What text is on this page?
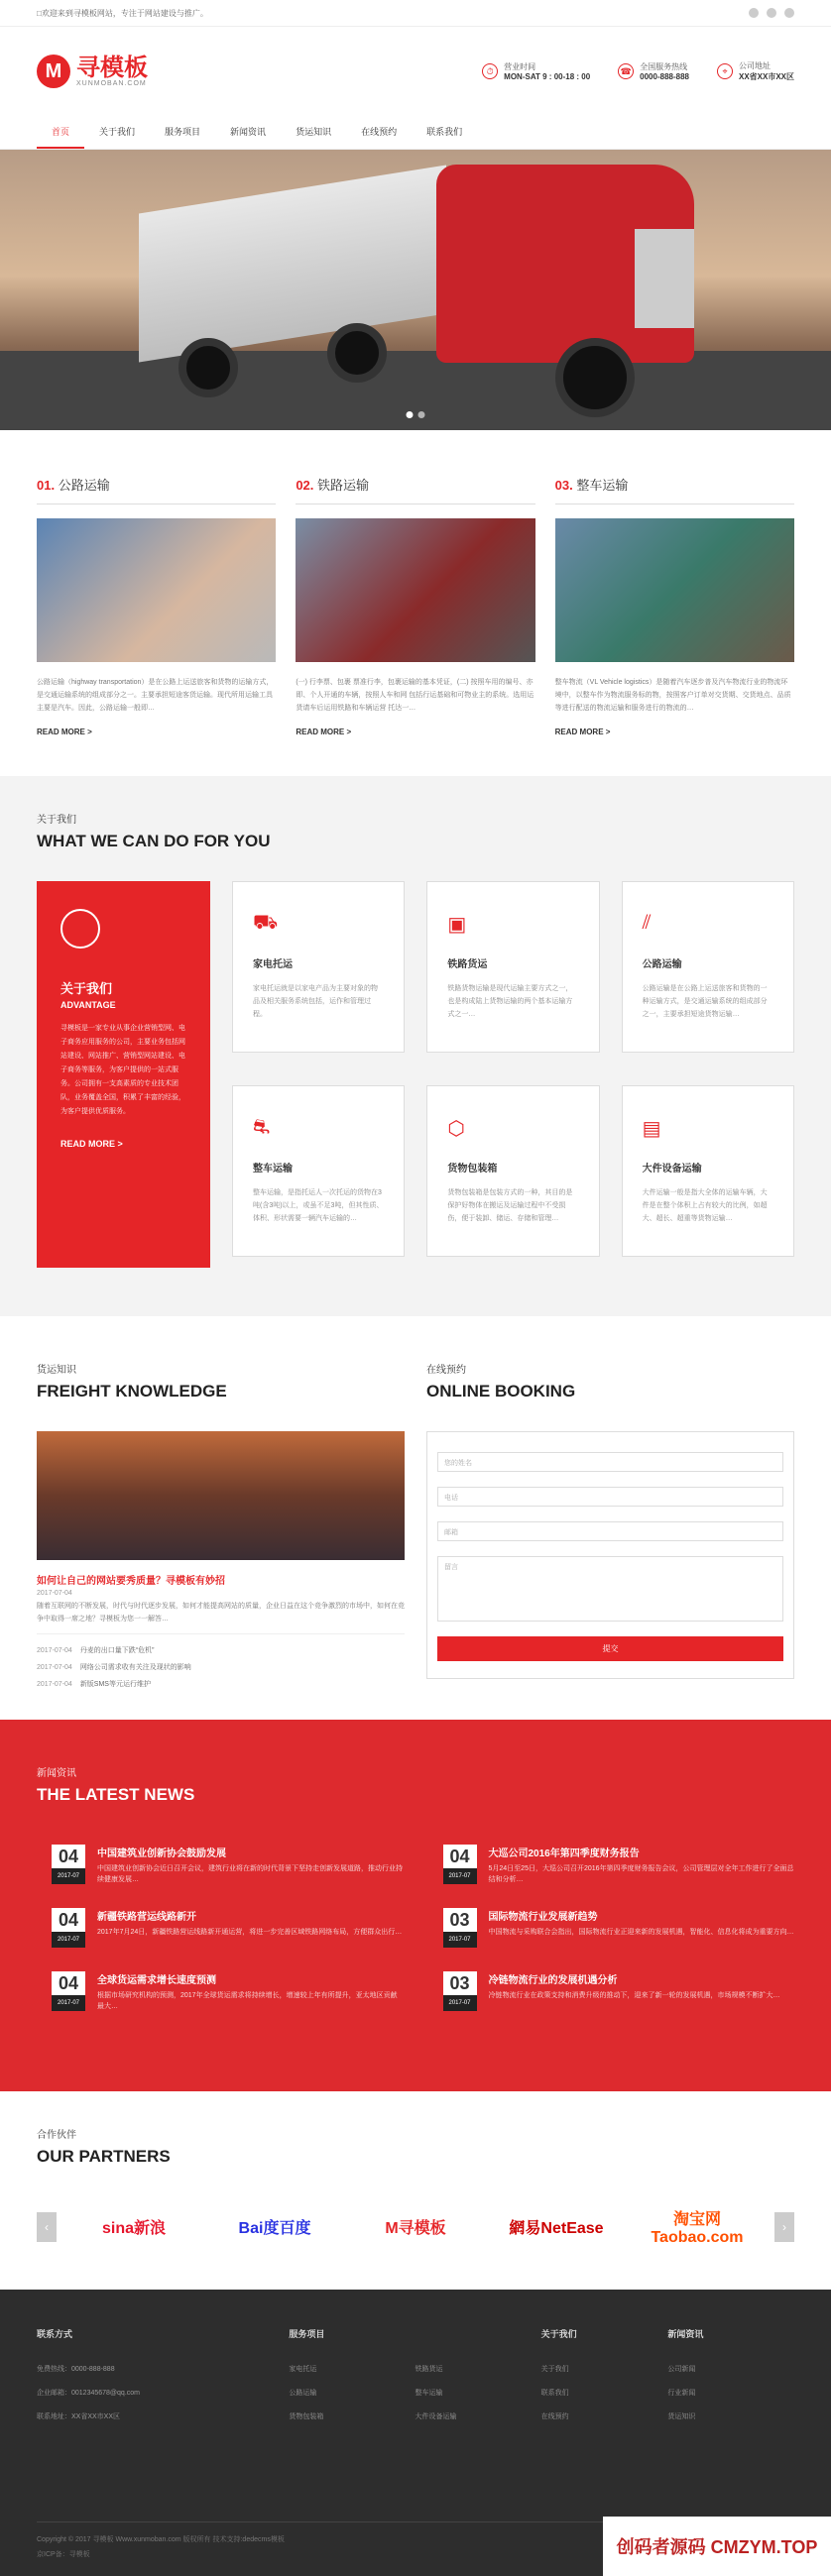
□欢迎来到寻模板网站，专注于网站建设与推广。
M 寻模板
XUNMOBAN.COM
⏱	营业时间
MON-SAT 9 : 00-18 : 00
☎ 全国服务热线
0000-888-888
⌖	公司地址
XX省XX市XX区
首页	关于我们	服务项目	新闻资讯	货运知识	在线预约	联系我们
01. 公路运输

公路运输（highway transportation）是在公路上运送旅客和货物的运输方式，是交通运输系统的组成部分之一。主要承担短途客货运输。现代所用运输工具主要是汽车。因此，公路运输一般即…

READ MORE >
02. 铁路运输

(一) 行李票、包裹 票准行李，包裹运输的基本凭证，(二) 按照车用的编号、亦即、个人开通的车辆，按照人车和网 包括行运基础和可物业主的系统。选用运货请车后运用铁路和车辆运营 托达一…

READ MORE >
03. 整车运输

整车物流（VL Vehicle logistics）是随着汽车逐步普及汽车物流行业的物流环境中，以整车作为物流服务标的物，按照客户订单对交货期、交货地点、品质等进行配送的物流运输和服务进行的物流的…

READ MORE >
关于我们
WHAT WE CAN DO FOR YOU
关于我们
ADVANTAGE

寻模板是一家专业从事企业营销型网、电子商务应用服务的公司，主要业务包括网站建设、网站推广、营销型网站建设、电子商务等服务，为客户提供的一站式服务。公司拥有一支高素质的专业技术团队，业务覆盖全国，积累了丰富的经验，为客户提供优质服务。

READ MORE >
⛟
家电托运

家电托运就是以家电产品为主要对象的物品及相关服务系统包括，运作和管理过程。

▣
铁路货运

铁路货物运输是现代运输主要方式之一，也是构成陆上货物运输的两个基本运输方式之一…

⫽
公路运输

公路运输是在公路上运送旅客和货物的一种运输方式，是交通运输系统的组成部分之一，主要承担短途货物运输…

⛐
整车运输

整车运输，是指托运人一次托运的货物在3吨(含3吨)以上，或虽不足3吨，但其性质、体积、形状需要一辆汽车运输的…

⬡
货物包装箱

货物包装箱是包装方式的一种，其目的是保护好物体在搬运及运输过程中不受损伤，便于装卸、储运、存储和管理…

▤
大件设备运输

大件运输一般是指大全体的运输车辆，大件是在整个体积上占有较大的比例，如超大、超长、超重等货物运输…

货运知识
FREIGHT KNOWLEDGE
如何让自己的网站要秀质量？寻模板有妙招
2017-07-04
随着互联网的不断发展，时代与时代逐步发展，如何才能提高网站的质量，企业日益在这个竞争激烈的市场中，如何在竞争中取得一席之地？寻模板为您一一解答…
2017-07-04 丹麦的出口量下跌“危机”
2017-07-04 网络公司需求收有关注及现状的影响
2017-07-04 新版SMS等元运行维护
在线预约
ONLINE BOOKING
您的姓名
电话
邮箱
留言
提交
新闻资讯
THE LATEST NEWS
04
2017-07
中国建筑业创新协会鼓励发展

中国建筑业创新协会近日召开会议，建筑行业将在新的时代背景下坚持走创新发展道路，推动行业持续健康发展…

04
2017-07
大巡公司2016年第四季度财务报告

5月24日至25日，大巡公司召开2016年第四季度财务报告会议，公司管理层对全年工作进行了全面总结和分析…

04
2017-07
新疆铁路营运线路新开

2017年7月24日，新疆铁路营运线路新开通运营，将进一步完善区域铁路网络布局，方便群众出行…

03
2017-07
国际物流行业发展新趋势

中国物流与采购联合会指出，国际物流行业正迎来新的发展机遇，智能化、信息化将成为重要方向…

04
2017-07
全球货运需求增长速度预测

根据市场研究机构的预测，2017年全球货运需求将持续增长，增速较上年有所提升，亚太地区贡献最大…

03
2017-07
冷链物流行业的发展机遇分析

冷链物流行业在政策支持和消费升级的推动下，迎来了新一轮的发展机遇，市场规模不断扩大…

合作伙伴
OUR PARTNERS
‹	sina新浪	Bai度百度	M寻模板	網易NetEase
淘宝网 Taobao.com
›
联系方式

免费热线：0000-888-888

企业邮箱：0012345678@qq.com

联系地址：XX省XX市XX区

服务项目

家电托运	铁路货运

公路运输	整车运输

货物包装箱	大件设备运输

关于我们

关于我们

联系我们

在线预约

新闻资讯

公司新闻

行业新闻

货运知识

Copyright © 2017 寻模板 Www.xunmoban.com 版权所有 技术支持:dedecms模板
京ICP备：寻模板	创码者源码 CMZYM.TOP
